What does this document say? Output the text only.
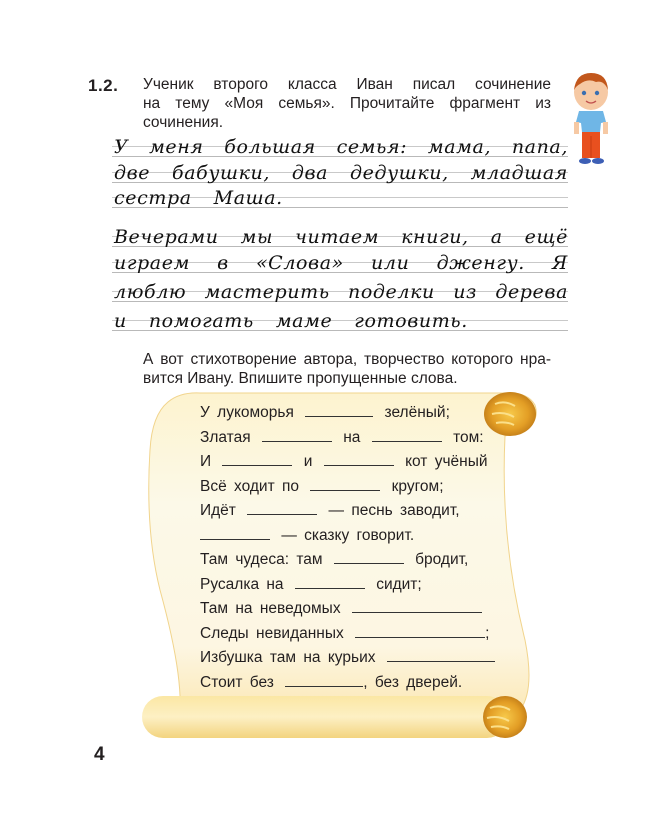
1.2. Ученик второго класса Иван писал сочинение
на тему «Моя семья». Прочитайте фрагмент из
сочинения.
У меня большая семья: мама, папа,
две бабушки, два дедушки, младшая
сестра Маша.
Вечерами мы читаем книги, а ещё
играем в «Слова» или дженгу. Я
люблю мастерить поделки из дерева
и помогать маме готовить.
А вот стихотворение автора, творчество которого нра-
вится Ивану. Впишите пропущенные слова.
У лукоморья	зелёный;
Златая	на	том:
И	и	кот учёный
Всё ходит по	кругом;
Идёт	— песнь заводит,
— сказку говорит.
Там чудеса: там	бродит,
Русалка на	сидит;
Там на неведомых
Следы невиданных	;
Избушка там на курьих
Стоит без	, без дверей.
4
